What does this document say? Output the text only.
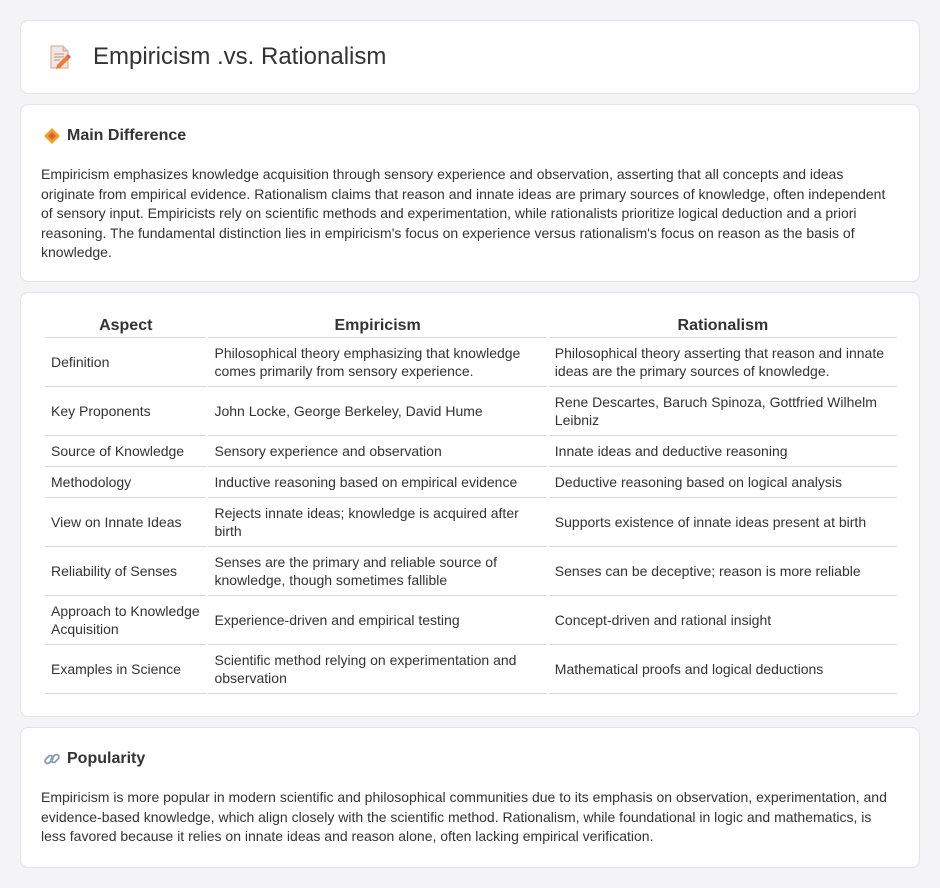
Empiricism .vs. Rationalism
Main Difference

Empiricism emphasizes knowledge acquisition through sensory experience and observation, asserting that all concepts and ideas originate from empirical evidence. Rationalism claims that reason and innate ideas are primary sources of knowledge, often independent of sensory input. Empiricists rely on scientific methods and experimentation, while rationalists prioritize logical deduction and a priori reasoning. The fundamental distinction lies in empiricism's focus on experience versus rationalism's focus on reason as the basis of knowledge.

Aspect	Empiricism	Rationalism
Definition	Philosophical theory emphasizing that knowledge comes primarily from sensory experience.	Philosophical theory asserting that reason and innate ideas are the primary sources of knowledge.
Key Proponents	John Locke, George Berkeley, David Hume	Rene Descartes, Baruch Spinoza, Gottfried Wilhelm Leibniz
Source of Knowledge	Sensory experience and observation	Innate ideas and deductive reasoning
Methodology	Inductive reasoning based on empirical evidence	Deductive reasoning based on logical analysis
View on Innate Ideas	Rejects innate ideas; knowledge is acquired after birth	Supports existence of innate ideas present at birth
Reliability of Senses	Senses are the primary and reliable source of knowledge, though sometimes fallible	Senses can be deceptive; reason is more reliable
Approach to Knowledge Acquisition	Experience-driven and empirical testing	Concept-driven and rational insight
Examples in Science	Scientific method relying on experimentation and observation	Mathematical proofs and logical deductions
Popularity

Empiricism is more popular in modern scientific and philosophical communities due to its emphasis on observation, experimentation, and evidence-based knowledge, which align closely with the scientific method. Rationalism, while foundational in logic and mathematics, is less favored because it relies on innate ideas and reason alone, often lacking empirical verification.
